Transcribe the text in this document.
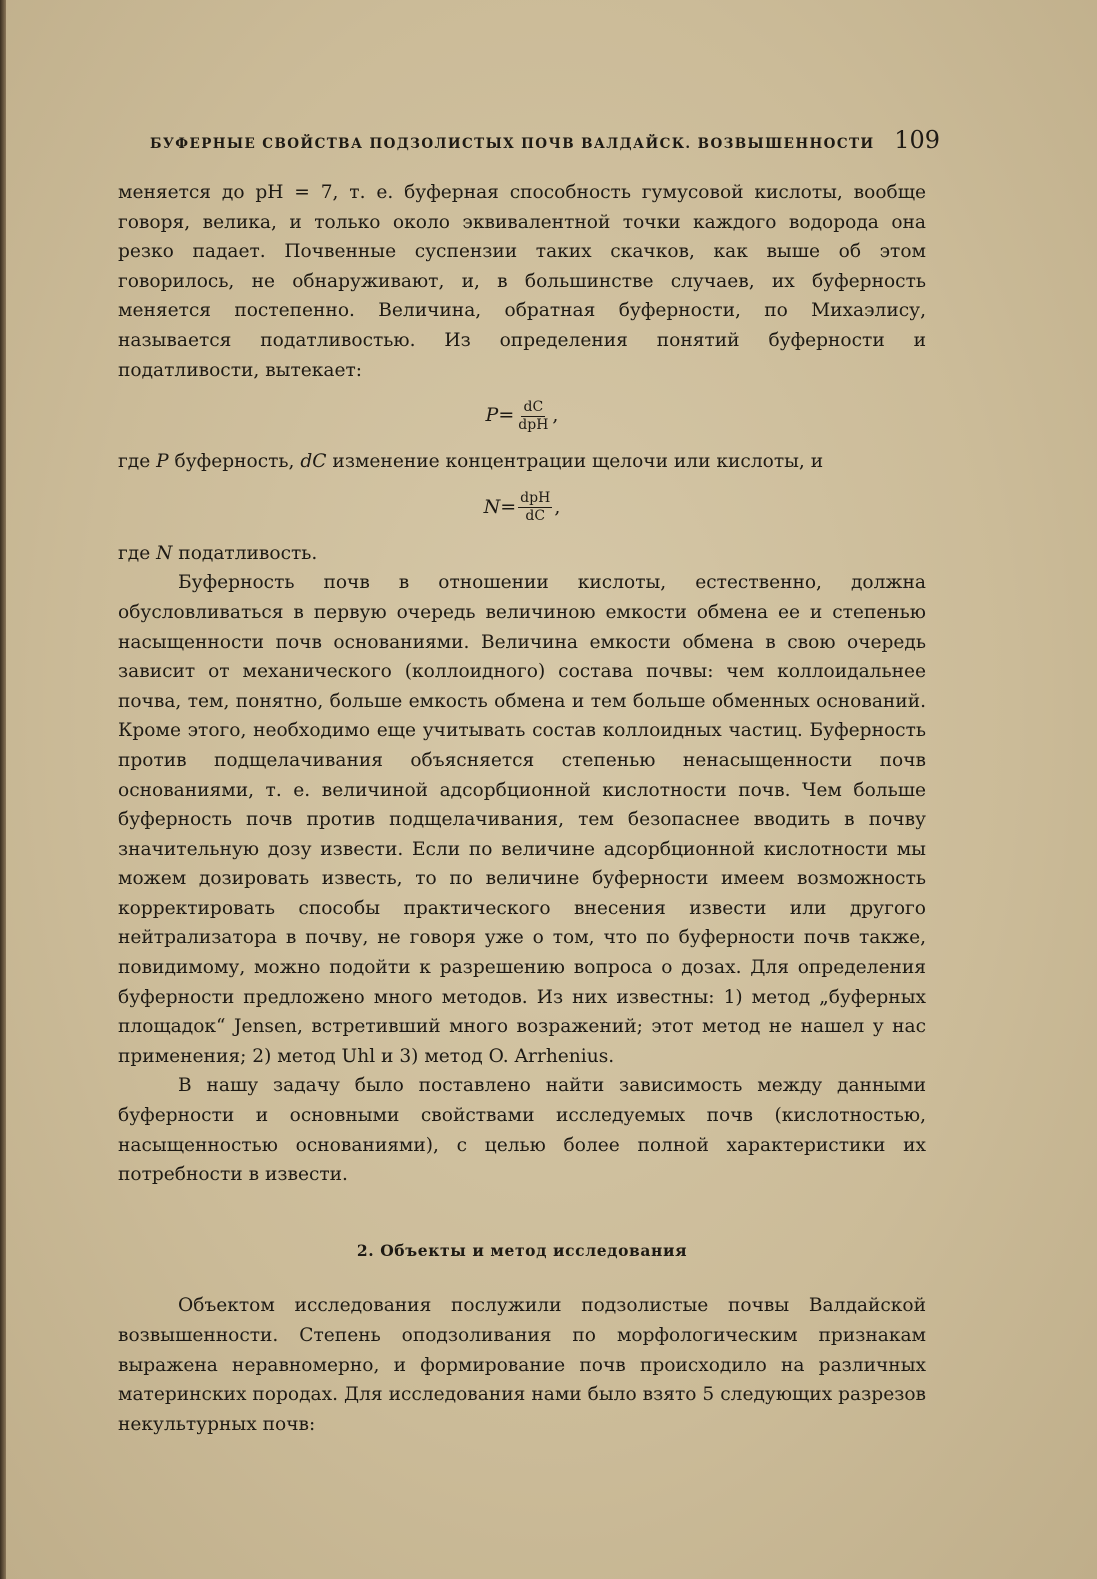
БУФЕРНЫЕ СВОЙСТВА ПОДЗОЛИСТЫХ ПОЧВ ВАЛДАЙСК. ВОЗВЫШЕННОСТИ 109

меняется до pH = 7, т. е. буферная способность гумусовой кислоты, вообще говоря, велика, и только около эквивалентной точки каждого водорода она резко падает. Почвенные суспензии таких скачков, как выше об этом говорилось, не обнаруживают, и, в большинстве случаев, их буферность меняется постепенно. Величина, обратная буферности, по Михаэлису, называется податливостью. Из определения понятий буферности и податливости, вытекает:

$P = \frac{dC}{\text{dpH}}$ ,

где P буферность, dC изменение концентрации щелочи или кислоты, и

$N = \frac{\text{dpH}}{dC}$ ,

где N податливость.

Буферность почв в отношении кислоты, естественно, должна обусловливаться в первую очередь величиною емкости обмена ее и степенью насыщенности почв основаниями. Величина емкости обмена в свою очередь зависит от механического (коллоидного) состава почвы: чем коллоидальнее почва, тем, понятно, больше емкость обмена и тем больше обменных оснований. Кроме этого, необходимо еще учитывать состав коллоидных частиц. Буферность против подщелачивания объясняется степенью ненасыщенности почв основаниями, т. е. величиной адсорбционной кислотности почв. Чем больше буферность почв против подщелачивания, тем безопаснее вводить в почву значительную дозу извести. Если по величине адсорбционной кислотности мы можем дозировать известь, то по величине буферности имеем возможность корректировать способы практического внесения извести или другого нейтрализатора в почву, не говоря уже о том, что по буферности почв также, повидимому, можно подойти к разрешению вопроса о дозах. Для определения буферности предложено много методов. Из них известны: 1) метод „буферных площадок“ Jensen, встретивший много возражений; этот метод не нашел у нас применения; 2) метод Uhl и 3) метод O. Arrhenius.

В нашу задачу было поставлено найти зависимость между данными буферности и основными свойствами исследуемых почв (кислотностью, насыщенностью основаниями), с целью более полной характеристики их потребности в извести.

2. Объекты и метод исследования

Объектом исследования послужили подзолистые почвы Валдайской возвышенности. Степень оподзоливания по морфологическим признакам выражена неравномерно, и формирование почв происходило на различных материнских породах. Для исследования нами было взято 5 следующих разрезов некультурных почв:
